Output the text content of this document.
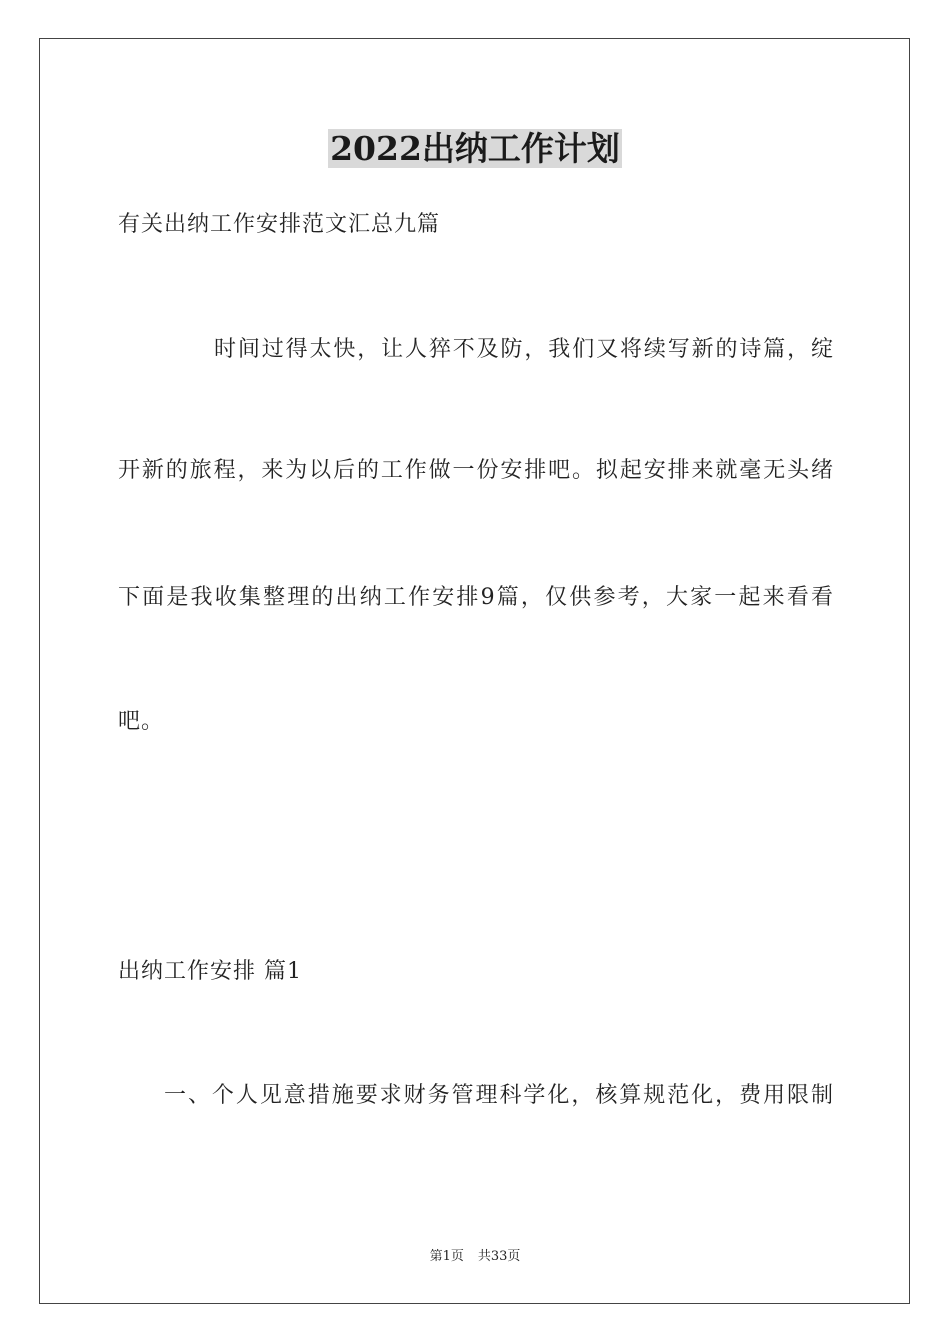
2022出纳工作计划
有关出纳工作安排范文汇总九篇
时间过得太快，让人猝不及防，我们又将续写新的诗篇，绽
开新的旅程，来为以后的工作做一份安排吧。拟起安排来就毫无头绪
下面是我收集整理的出纳工作安排9篇，仅供参考，大家一起来看看
吧。
出纳工作安排 篇1
一、个人见意措施要求财务管理科学化，核算规范化，费用限制
第1页 共33页
